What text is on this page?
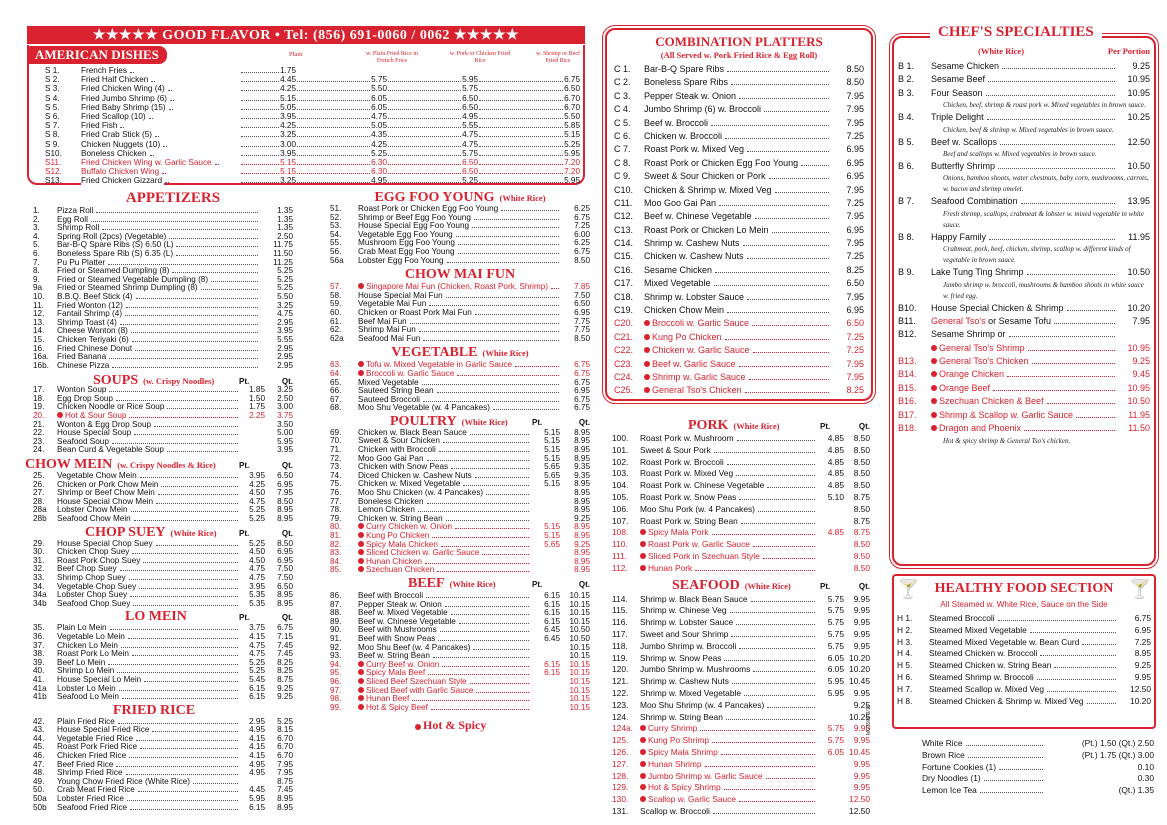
★★★★★ GOOD FLAVOR • Tel: (856) 691-0060 / 0062 ★★★★★
AMERICAN DISHES	Plain	w. Plain Fried Rice in French Fries
w. Pork or Chicken Fried Rice
w. Shrimp or Beef Fried Rice
S 1.	French Fries	1.75
S 2.	Fried Half Chicken	4.45	5.75	5.95	6.75
S 3.	Fried Chicken Wing (4)	4.25	5.50	5.75	6.50
S 4.	Fried Jumbo Shrimp (6)	5.15	6.05	6.50	6.70
S 5.	Fried Baby Shrimp (15)	5.05	6.05	6.50	6.70
S 6.	Fried Scallop (10)	3.95	4.75	4.95	5.50
S 7.	Fried Fish	4.25	5.05	5.55	5.85
S 8.	Fried Crab Stick (5)	3.25	4.35	4.75	5.15
S 9.	Chicken Nuggets (10)	3.00	4.25	4.75	5.25
S10.	Boneless Chicken	3.95	5.25	5.75	5.95
S11.	Fried Chicken Wing w. Garlic Sauce	5.15	6.30	6.50	7.20
S12.	Buffalo Chicken Wing	5.15	6.30	6.50	7.20
S13.	Fried Chicken Gizzard	3.25	4.95	5.25	5.95
APPETIZERS
1.	Pizza Roll	1.35
2.	Egg Roll	1.35
3.	Shrimp Roll	1.35
4.	Spring Roll (2pcs) (Vegetable)	2.50
5.	Bar-B-Q Spare Ribs (S) 6.50 (L)	11.75
6.	Boneless Spare Rib (S) 6.35 (L)	11.50
7.	Pu Pu Platter	11.25
8.	Fried or Steamed Dumpling (8)	5.25
9.	Fried or Steamed Vegetable Dumpling (8)	5.25
9a	Fried or Steamed Shrimp Dumpling (8)	5.25
10.	B.B.Q. Beef Stick (4)	5.50
11.	Fried Wonton (12)	3.25
12.	Fantail Shrimp (4)	4.75
13.	Shrimp Toast (4)	2.95
14.	Cheese Wonton (8)	3.95
15.	Chicken Teriyaki (6)	5.55
16.	Fried Chinese Donut	2.95
16a. Fried Banana	2.95
16b. Chinese Pizza	2.95
SOUPS (w. Crispy Noodles)	Pt.	Qt.
17.	Wonton Soup	1.85	3.25
18.	Egg Drop Soup	1.50	2.50
19.	Chicken Noodle or Rice Soup	1.75	3.00
20.	Hot & Sour Soup	2.25	3.75
21.	Wonton & Egg Drop Soup	3.50
22.	House Special Soup	5.00
23.	Seafood Soup	5.95
24.	Bean Curd & Vegetable Soup	3.95
CHOW MEIN (w. Crispy Noodles & Rice)	Pt.	Qt.
25.	Vegetable Chow Mein	3.95	6.50
26.	Chicken or Pork Chow Mein	4.25	6.95
27.	Shrimp or Beef Chow Mein	4.50	7.95
28.	House Special Chow Mein	4.75	8.50
28a	Lobster Chow Mein	5.25	8.95
28b	Seafood Chow Mein	5.25	8.95
CHOP SUEY (White Rice)	Pt.	Qt.
29.	House Special Chop Suey	5.25	8.50
30.	Chicken Chop Suey	4.50	6.95
31.	Roast Pork Chop Suey	4.50	6.95
32.	Beef Chop Suey	4.75	7.50
33.	Shrimp Chop Suey	4.75	7.50
34.	Vegetable Chop Suey	3.95	6.50
34a	Lobster Chop Suey	5.35	8.95
34b	Seafood Chop Suey	5.35	8.95
LO MEIN	Pt.	Qt.
35.	Plain Lo Mein	3.75	6.75
36.	Vegetable Lo Mein	4.15	7.15
37.	Chicken Lo Mein	4.75	7.45
38.	Roast Pork Lo Mein	4.75	7.45
39.	Beef Lo Mein	5.25	8.25
40.	Shrimp Lo Mein	5.25	8.25
41.	House Special Lo Mein	5.45	8.75
41a	Lobster Lo Mein	6.15	9.25
41b	Seafood Lo Mein	6.15	9.25
FRIED RICE
42.	Plain Fried Rice	2.95	5.25
43.	House Special Fried Rice	4.95	8.15
44.	Vegetable Fried Rice	4.15	6.70
45.	Roast Pork Fried Rice	4.15	6.70
46.	Chicken Fried Rice	4.15	6.70
47.	Beef Fried Rice	4.95	7.95
48.	Shrimp Fried Rice	4.95	7.95
49.	Young Chow Fried Rice (White Rice)	8.75
50.	Crab Meat Fried Rice	4.45	7.45
50a	Lobster Fried Rice	5.95	8.95
50b	Seafood Fried Rice	6.15	8.95
EGG FOO YOUNG (White Rice)
51.	Roast Pork or Chicken Egg Foo Young	6.25
52.	Shrimp or Beef Egg Foo Young	6.75
53.	House Special Egg Foo Young	7.25
54.	Vegetable Egg Foo Young	6.00
55.	Mushroom Egg Foo Young	6.25
56.	Crab Meat Egg Foo Young	6.75
56a	Lobster Egg Foo Young	8.50
CHOW MAI FUN
57.	Singapore Mai Fun (Chicken, Roast Pork, Shrimp)	7.85
58.	House Special Mai Fun	7.50
59.	Vegetable Mai Fun	6.50
60.	Chicken or Roast Pork Mai Fun	6.95
61.	Beef Mai Fun	7.75
62.	Shrimp Mai Fun	7.75
62a	Seafood Mai Fun	8.50
VEGETABLE (White Rice)
63.	Tofu w. Mixed Vegetable in Garlic Sauce	6.75
64.	Broccoli w. Garlic Sauce	6.75
65.	Mixed Vegetable	6.75
66.	Sauteed String Bean	6.95
67.	Sauteed Broccoli	6.75
68.	Moo Shu Vegetable (w. 4 Pancakes)	6.75
POULTRY (White Rice)	Pt.	Qt.
69.	Chicken w. Black Bean Sauce	5.15	8.95
70.	Sweet & Sour Chicken	5.15	8.95
71.	Chicken with Broccoli	5.15	8.95
72.	Moo Goo Gai Pan	5.15	8.95
73.	Chicken with Snow Peas	5.65	9.35
74.	Diced Chicken w. Cashew Nuts	5.65	9.35
75.	Chicken w. Mixed Vegetable	5.15	8.95
76.	Moo Shu Chicken (w. 4 Pancakes)	8.95
77.	Boneless Chicken	8.95
78.	Lemon Chicken	8.95
79.	Chicken w. String Bean	9.25
80.	Curry Chicken w. Onion	5.15	8.95
81.	Kung Po Chicken	5.15	8.95
82.	Spicy Mala Chicken	5.65	9.25
83.	Sliced Chicken w. Garlic Sauce	8.95
84.	Hunan Chicken	8.95
85.	Szechuan Chicken	8.95
BEEF (White Rice)	Pt.	Qt.
86.	Beef with Broccoli	6.15	10.15
87.	Pepper Steak w. Onion	6.15	10.15
88.	Beef w. Mixed Vegetable	6.15	10.15
89.	Beef w. Chinese Vegetable	6.15	10.15
90.	Beef with Mushrooms	6.45	10.50
91.	Beef with Snow Peas	6.45	10.50
92.	Moo Shu Beef (w. 4 Pancakes)	10.15
93.	Beef w. String Bean	10.15
94.	Curry Beef w. Onion	6.15	10.15
95.	Spicy Mala Beef	6.15	10.15
96.	Sliced Beef Szechuan Style	10.15
97.	Sliced Beef with Garlic Sauce	10.15
98.	Hunan Beef	10.15
99.	Hot & Spicy Beef	10.15
Hot & Spicy
COMBINATION PLATTERS
(All Served w. Pork Fried Rice & Egg Roll)
C 1.	Bar-B-Q Spare Ribs	8.50
C 2.	Boneless Spare Ribs	8.50
C 3.	Pepper Steak w. Onion	7.95
C 4.	Jumbo Shrimp (6) w. Broccoli	7.95
C 5.	Beef w. Broccoli	7.95
C 6.	Chicken w. Broccoli	7.25
C 7.	Roast Pork w. Mixed Veg	6.95
C 8.	Roast Pork or Chicken Egg Foo Young	6.95
C 9.	Sweet & Sour Chicken or Pork	6.95
C10.	Chicken & Shrimp w. Mixed Veg	7.95
C11.	Moo Goo Gai Pan	7.25
C12.	Beef w. Chinese Vegetable	7.95
C13.	Roast Pork or Chicken Lo Mein	6.95
C14.	Shrimp w. Cashew Nuts	7.95
C15.	Chicken w. Cashew Nuts	7.25
C16.	Sesame Chicken	8.25
C17.	Mixed Vegetable	6.50
C18.	Shrimp w. Lobster Sauce	7.95
C19.	Chicken Chow Mein	6.95
C20.	Broccoli w. Garlic Sauce	6.50
C21.	Kung Po Chicken	7.25
C22.	Chicken w. Garlic Sauce	7.25
C23.	Beef w. Garlic Sauce	7.95
C24.	Shrimp w. Garlic Sauce	7.95
C25.	General Tso's Chicken	8.25
PORK (White Rice)	Pt.	Qt.
100.	Roast Pork w. Mushroom	4.85	8.50
101.	Sweet & Sour Pork	4.85	8.50
102.	Roast Pork w. Broccoli	4.85	8.50
103.	Roast Pork w. Mixed Veg	4.85	8.50
104.	Roast Pork w. Chinese Vegetable	4.85	8.50
105.	Roast Pork w. Snow Peas	5.10	8.75
106.	Moo Shu Pork (w. 4 Pancakes)	8.50
107.	Roast Pork w. String Bean	8.75
108.	Spicy Mala Pork	4.85	8.75
110.	Roast Pork w. Garlic Sauce	8.50
111.	Sliced Pork in Szechuan Style	8.50
112.	Hunan Pork	8.50
SEAFOOD (White Rice)	Pt.	Qt.
114.	Shrimp w. Black Bean Sauce	5.75	9.95
115.	Shrimp w. Chinese Veg	5.75	9.95
116.	Shrimp w. Lobster Sauce	5.75	9.95
117.	Sweet and Sour Shrimp	5.75	9.95
118.	Jumbo Shrimp w. Broccoli	5.75	9.95
119.	Shrimp w. Snow Peas	6.05 10.20
120.	Jumbo Shrimp w. Mushrooms	6.05 10.20
121.	Shrimp w. Cashew Nuts	5.95 10.45
122.	Shrimp w. Mixed Vegetable	5.95	9.95
123.	Moo Shu Shrimp (w. 4 Pancakes)	9.25
124.	Shrimp w. String Bean	10.25
124a.	Curry Shrimp	5.75	9.95
125.	Kung Po Shrimp	5.75	9.95
126.	Spicy Mala Shrimp	6.05 10.45
127.	Hunan Shrimp	9.95
128.	Jumbo Shrimp w. Garlic Sauce	9.95
129.	Hot & Spicy Shrimp	9.95
130.	Scallop w. Garlic Sauce	12.50
131.	Scallop w. Broccoli	12.50
MG3909 9/16
CHEF'S SPECIALTIES
(White Rice)	Per Portion
B 1.	Sesame Chicken	9.25
B 2.	Sesame Beef	10.95
B 3.	Four Season	10.95
Chicken, beef, shrimp & roast pork w. Mixed vegetables in brown sauce.
B 4.	Triple Delight	10.25
Chicken, beef & shrimp w. Mixed vegetables in brown sauce.
B 5.	Beef w. Scallops	12.50
Beef and scallops w. Mixed vegetables in brown sauce.
B 6.	Butterfly Shrimp	10.50
Onions, bamboo shoots, water chestnuts, baby corn, mushrooms, carrots, w. bacon and shrimp omelet.
B 7.	Seafood Combination	13.95
Fresh shrimp, scallops, crabmeat & lobster w. mixed vegetable in white sauce.
B 8.	Happy Family	11.95
Crabmeat, pork, beef, chicken, shrimp, scallop w. different kinds of vegetable in brown sauce.
B 9.	Lake Tung Ting Shrimp	10.50
Jumbo shrimp w. broccoli, mushrooms & bamboo shoots in white sauce w. fried egg.
B10.	House Special Chicken & Shrimp	10.20
B11.	General Tso's or Sesame Tofu	7.95
B12.	Sesame Shrimp or
General Tso's Shrimp	10.95
B13.	General Tso's Chicken	9.25
B14.	Orange Chicken	9.45
B15.	Orange Beef	10.95
B16.	Szechuan Chicken & Beef	10.50
B17.	Shrimp & Scallop w. Garlic Sauce	11.95
B18.	Dragon and Phoenix	11.50
Hot & spicy shrimp & General Tso's chicken.
🍸 HEALTHY FOOD SECTION 🍸
All Steamed w. White Rice, Sauce on the Side
H 1.	Steamed Broccoli	6.75
H 2.	Steamed Mixed Vegetable	6.95
H 3.	Steamed Mixed Vegetable w. Bean Curd	7.25
H 4.	Steamed Chicken w. Broccoli	8.95
H 5.	Steamed Chicken w. String Bean	9.25
H 6.	Steamed Shrimp w. Broccoli	9.95
H 7.	Steamed Scallop w. Mixed Veg	12.50
H 8.	Steamed Chicken & Shrimp w. Mixed Veg	10.20
White Rice	(Pt.) 1.50 (Qt.) 2.50
Brown Rice	(Pt.) 1.75 (Qt.) 3.00
Fortune Cookies (1)	0.10
Dry Noodles (1)	0.30
Lemon Ice Tea	(Qt.) 1.35
